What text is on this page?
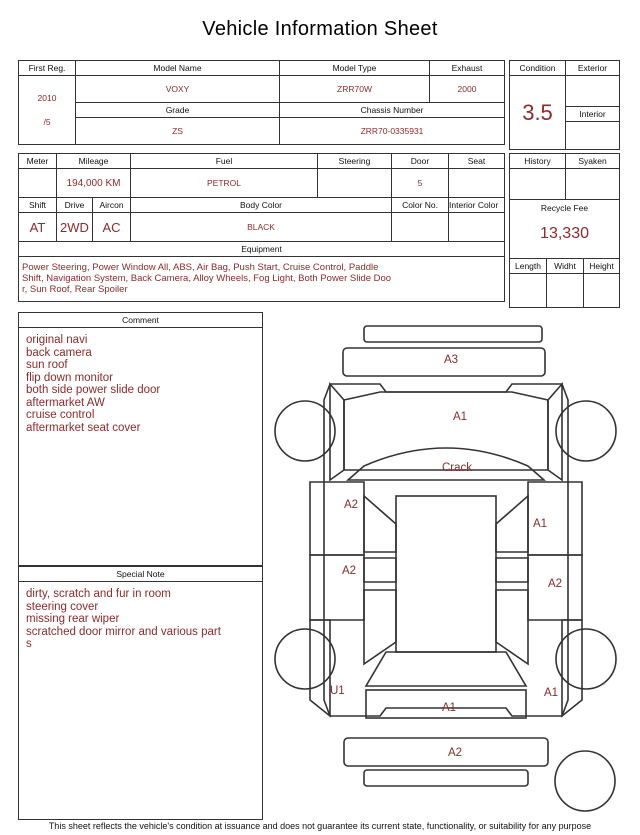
Vehicle Information Sheet
First Reg.	Model Name	Model Type	Exhaust

2010
/5	VOXY	ZRR70W	2000
	Grade	Chassis Number	
	ZS	ZRR70-0335931	
Condition	Exterior
3.5	
	Interior

Meter	Mileage		Fuel	Steering	Door	Seat
	194,000 KM		PETROL		5	
Shift	Drive	Aircon	Body Color		Color No.	Interior Color
AT	2WD	AC	BLACK			
Equipment						

Power Steering, Power Window All, ABS, Air Bag, Push Start, Cruise Control, Paddle
Shift, Navigation System, Back Camera, Alloy Wheels, Fog Light, Both Power Slide Doo
r, Sun Roof, Rear Spoiler
History		Syaken	

Recycle Fee
13,330			

Length	Widht		Height

Comment
original navi
back camera
sun roof
flip down monitor
both side power slide door
aftermarket AW
cruise control
aftermarket seat cover
Special Note
dirty, scratch and fur in room
steering cover
missing rear wiper
scratched door mirror and various part
s
A3
A1
Crack
A2
A1
A2
A2
U1	A1
A1
A2
This sheet reflects the vehicle's condition at issuance and does not guarantee its current state, functionality, or suitability for any purpose
